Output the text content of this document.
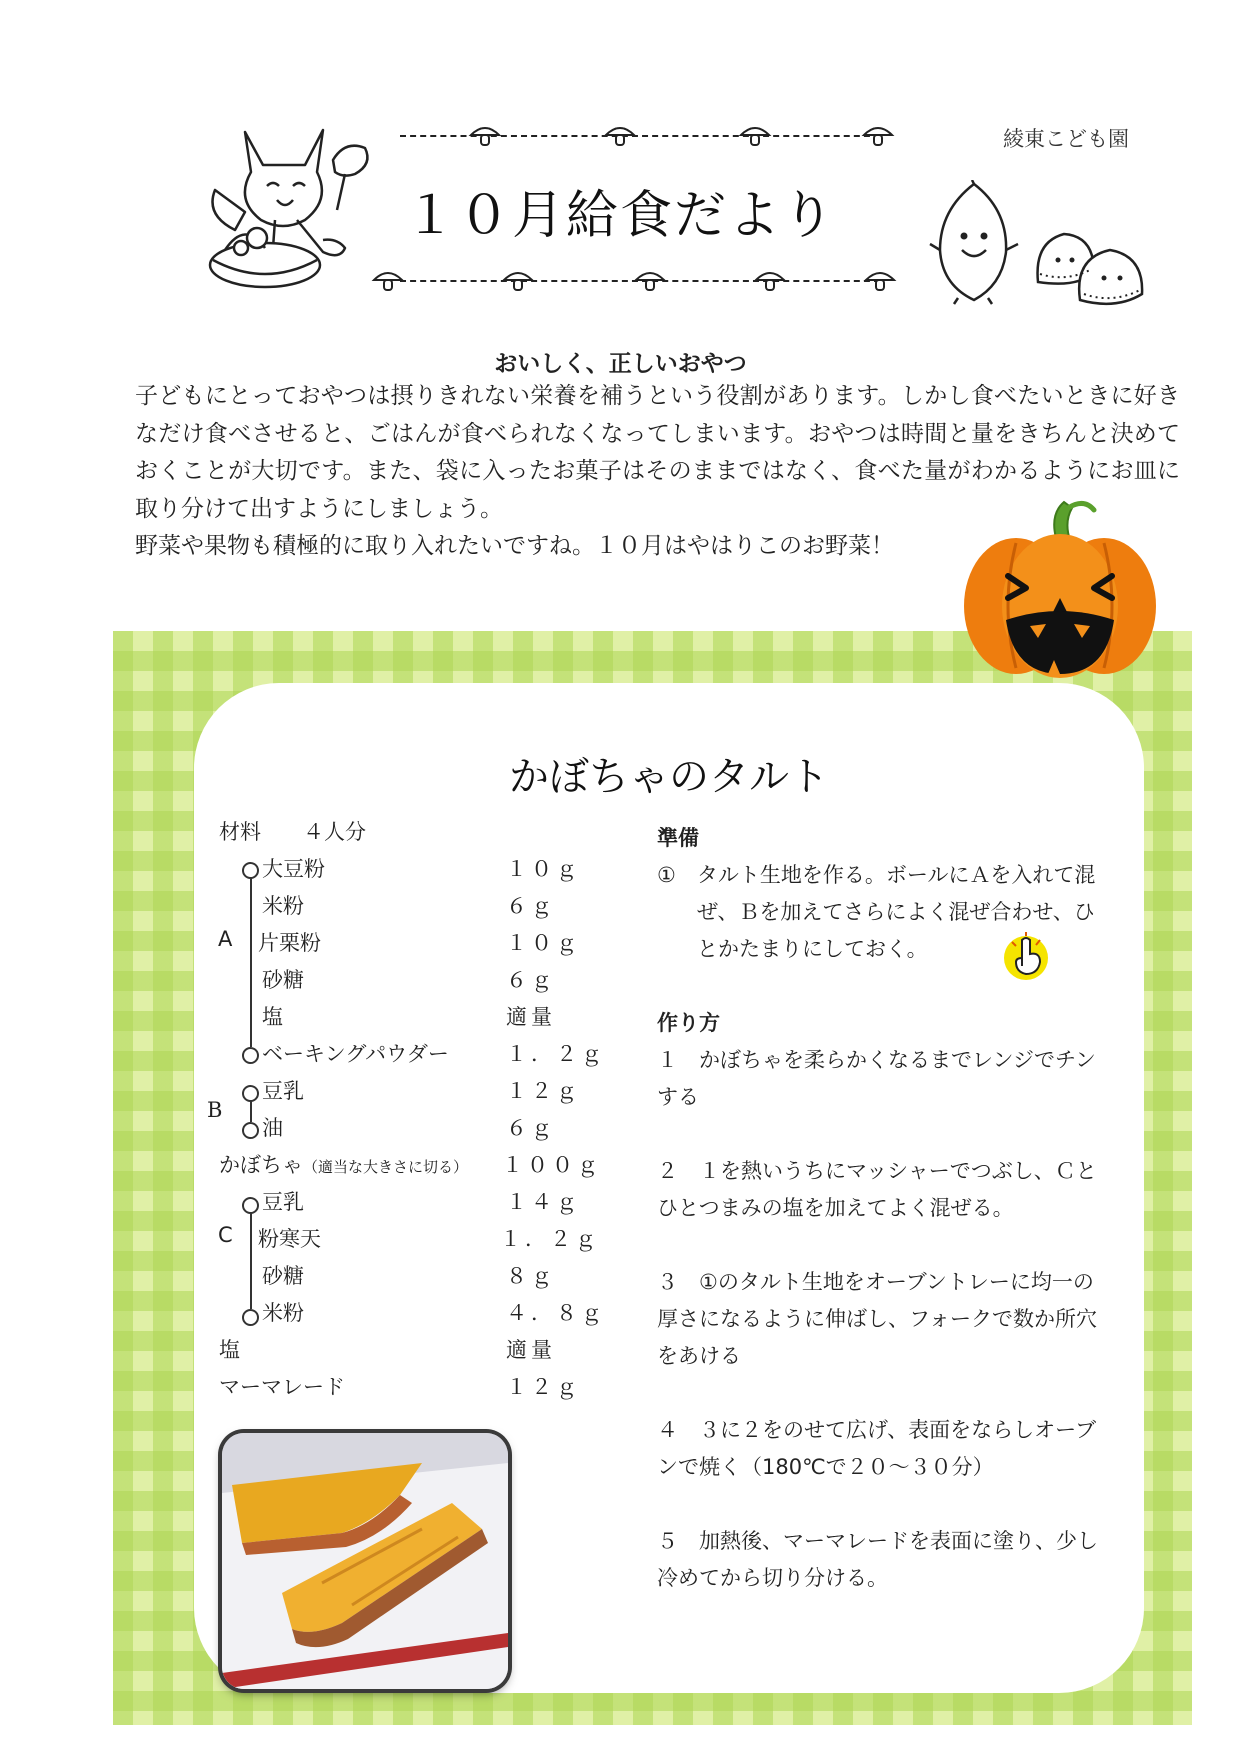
綾東こども園
１０月給食だより
おいしく、正しいおやつ

子どもにとっておやつは摂りきれない栄養を補うという役割があります。しかし食べたいときに好きなだけ食べさせると、ごはんが食べられなくなってしまいます。おやつは時間と量をきちんと決めておくことが大切です。また、袋に入ったお菓子はそのままではなく、食べた量がわかるようにお皿に取り分けて出すようにしましょう。

野菜や果物も積極的に取り入れたいですね。１０月はやはりこのお野菜！

かぼちゃのタルト
材料　　４人分
A
B
C
大豆粉	１０ｇ
米粉	６ｇ
片栗粉	１０ｇ
砂糖	６ｇ
塩	適量
ベーキングパウダー	１．２ｇ
豆乳	１２ｇ
油	６ｇ
かぼちゃ（適当な大きさに切る） １００ｇ
豆乳	１４ｇ
粉寒天	１．２ｇ
砂糖	８ｇ
米粉	４．８ｇ
塩	適量
マーマレード	１２ｇ

準備

①　タルト生地を作る。ボールにＡを入れて混ぜ、Ｂを加えてさらによく混ぜ合わせ、ひとかたまりにしておく。

作り方

１　かぼちゃを柔らかくなるまでレンジでチンする

２　１を熱いうちにマッシャーでつぶし、Ｃとひとつまみの塩を加えてよく混ぜる。

３　①のタルト生地をオーブントレーに均一の厚さになるように伸ばし、フォークで数か所穴をあける

４　３に２をのせて広げ、表面をならしオーブンで焼く（180℃で２０～３０分）

５　加熱後、マーマレードを表面に塗り、少し冷めてから切り分ける。
